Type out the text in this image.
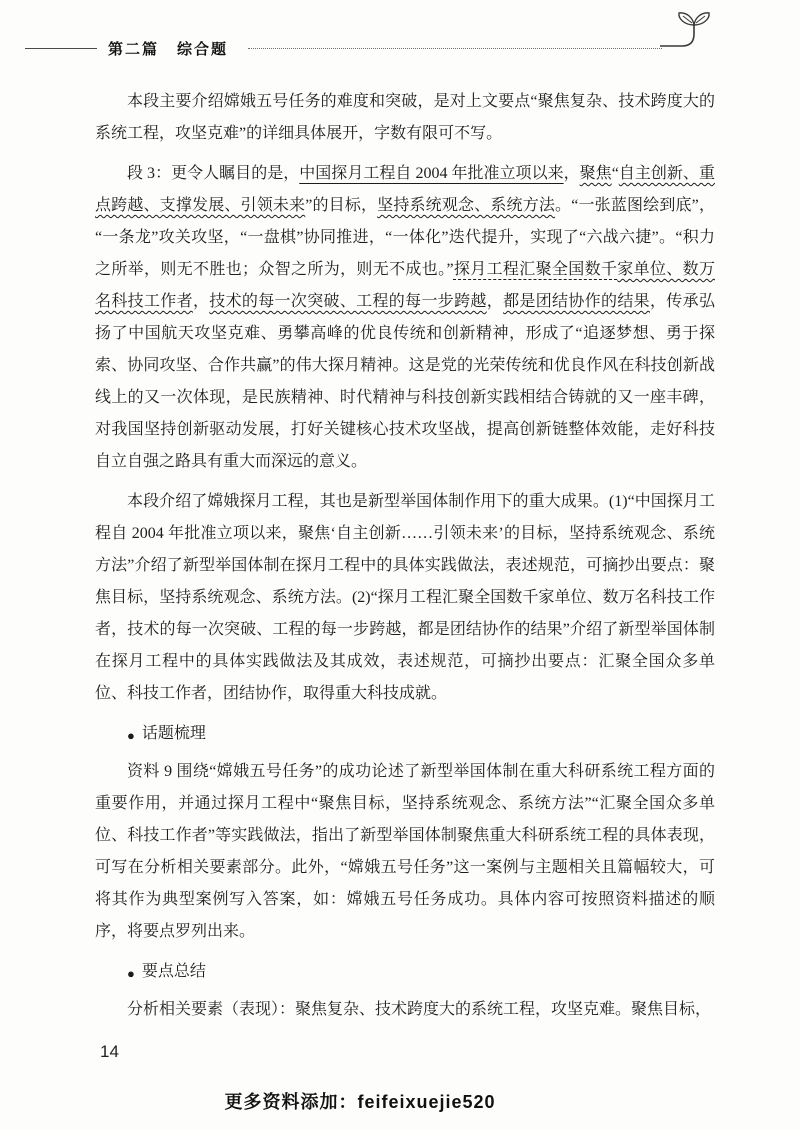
第二篇 综合题

本段主要介绍嫦娥五号任务的难度和突破，是对上文要点“聚焦复杂、技术跨度大的系统工程，攻坚克难”的详细具体展开，字数有限可不写。

段 3：更令人瞩目的是，中国探月工程自 2004 年批准立项以来，聚焦“自主创新、重点跨越、支撑发展、引领未来”的目标，坚持系统观念、系统方法。“一张蓝图绘到底”，“一条龙”攻关攻坚，“一盘棋”协同推进，“一体化”迭代提升，实现了“六战六捷”。“积力之所举，则无不胜也；众智之所为，则无不成也。”探月工程汇聚全国数千家单位、数万名科技工作者，技术的每一次突破、工程的每一步跨越，都是团结协作的结果，传承弘扬了中国航天攻坚克难、勇攀高峰的优良传统和创新精神，形成了“追逐梦想、勇于探索、协同攻坚、合作共赢”的伟大探月精神。这是党的光荣传统和优良作风在科技创新战线上的又一次体现，是民族精神、时代精神与科技创新实践相结合铸就的又一座丰碑，对我国坚持创新驱动发展，打好关键核心技术攻坚战，提高创新链整体效能，走好科技自立自强之路具有重大而深远的意义。

本段介绍了嫦娥探月工程，其也是新型举国体制作用下的重大成果。(1)“中国探月工程自 2004 年批准立项以来，聚焦‘自主创新……引领未来’的目标，坚持系统观念、系统方法”介绍了新型举国体制在探月工程中的具体实践做法，表述规范，可摘抄出要点：聚焦目标，坚持系统观念、系统方法。(2)“探月工程汇聚全国数千家单位、数万名科技工作者，技术的每一次突破、工程的每一步跨越，都是团结协作的结果”介绍了新型举国体制在探月工程中的具体实践做法及其成效，表述规范，可摘抄出要点：汇聚全国众多单位、科技工作者，团结协作，取得重大科技成就。

● 话题梳理

资料 9 围绕“嫦娥五号任务”的成功论述了新型举国体制在重大科研系统工程方面的重要作用，并通过探月工程中“聚焦目标，坚持系统观念、系统方法”“汇聚全国众多单位、科技工作者”等实践做法，指出了新型举国体制聚焦重大科研系统工程的具体表现，可写在分析相关要素部分。此外，“嫦娥五号任务”这一案例与主题相关且篇幅较大，可将其作为典型案例写入答案，如：嫦娥五号任务成功。具体内容可按照资料描述的顺序，将要点罗列出来。

● 要点总结

分析相关要素（表现）：聚焦复杂、技术跨度大的系统工程，攻坚克难。聚焦目标，

14
更多资料添加：feifeixuejie520
